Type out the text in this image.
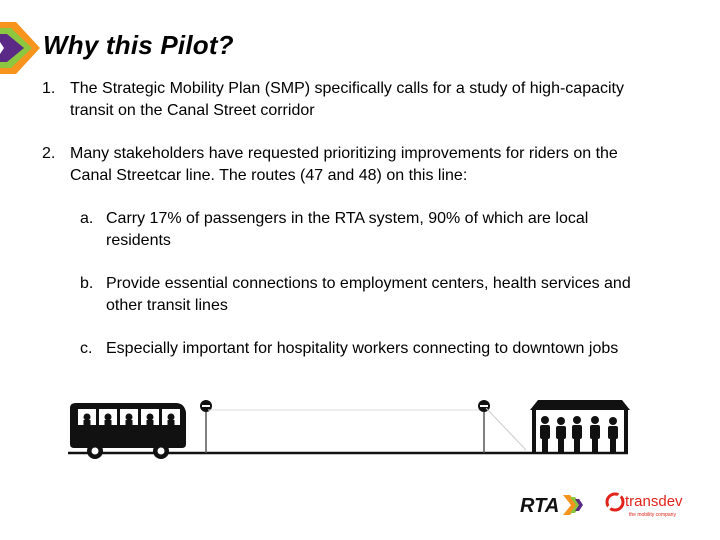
Why this Pilot?
1. The Strategic Mobility Plan (SMP) specifically calls for a study of high-capacity transit on the Canal Street corridor
2. Many stakeholders have requested prioritizing improvements for riders on the Canal Streetcar line. The routes (47 and 48) on this line:
a. Carry 17% of passengers in the RTA system, 90% of which are local residents
b. Provide essential connections to employment centers, health services and other transit lines
c. Especially important for hospitality workers connecting to downtown jobs
RTA	transdev
the mobility company
